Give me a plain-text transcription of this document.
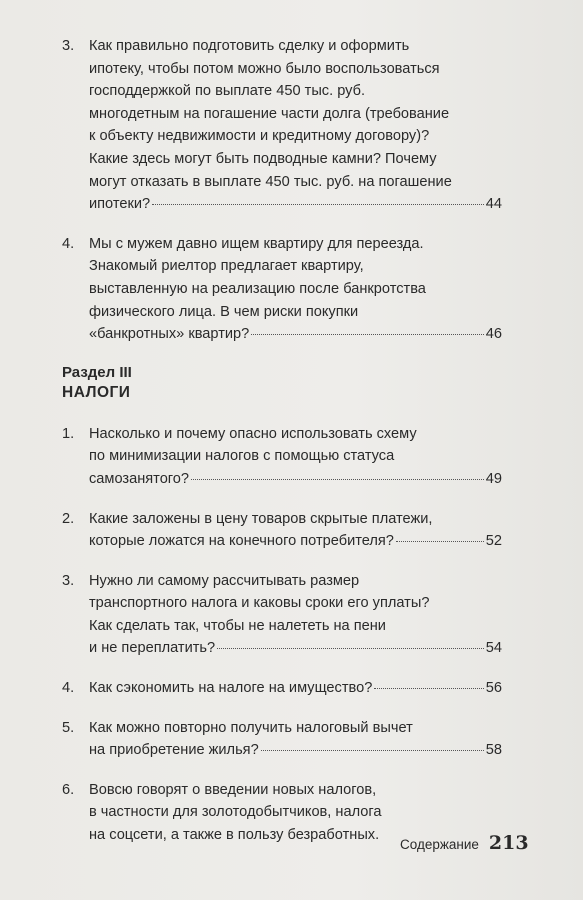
3. Как правильно подготовить сделку и оформить
ипотеку, чтобы потом можно было воспользоваться
господдержкой по выплате 450 тыс. руб.
многодетным на погашение части долга (требование
к объекту недвижимости и кредитному договору)?
Какие здесь могут быть подводные камни? Почему
могут отказать в выплате 450 тыс. руб. на погашение
ипотеки?	44
4. Мы с мужем давно ищем квартиру для переезда.
Знакомый риелтор предлагает квартиру,
выставленную на реализацию после банкротства
физического лица. В чем риски покупки
«банкротных» квартир?	46
Раздел III
НАЛОГИ
1. Насколько и почему опасно использовать схему
по минимизации налогов с помощью статуса
самозанятого?	49
2. Какие заложены в цену товаров скрытые платежи,
которые ложатся на конечного потребителя?	52
3. Нужно ли самому рассчитывать размер
транспортного налога и каковы сроки его уплаты?
Как сделать так, чтобы не налететь на пени
и не переплатить?	54
4. Как сэкономить на налоге на имущество?	56
5. Как можно повторно получить налоговый вычет
на приобретение жилья?	58
6. Вовсю говорят о введении новых налогов,
в частности для золотодобытчиков, налога
на соцсети, а также в пользу безработных.
Содержание 213
